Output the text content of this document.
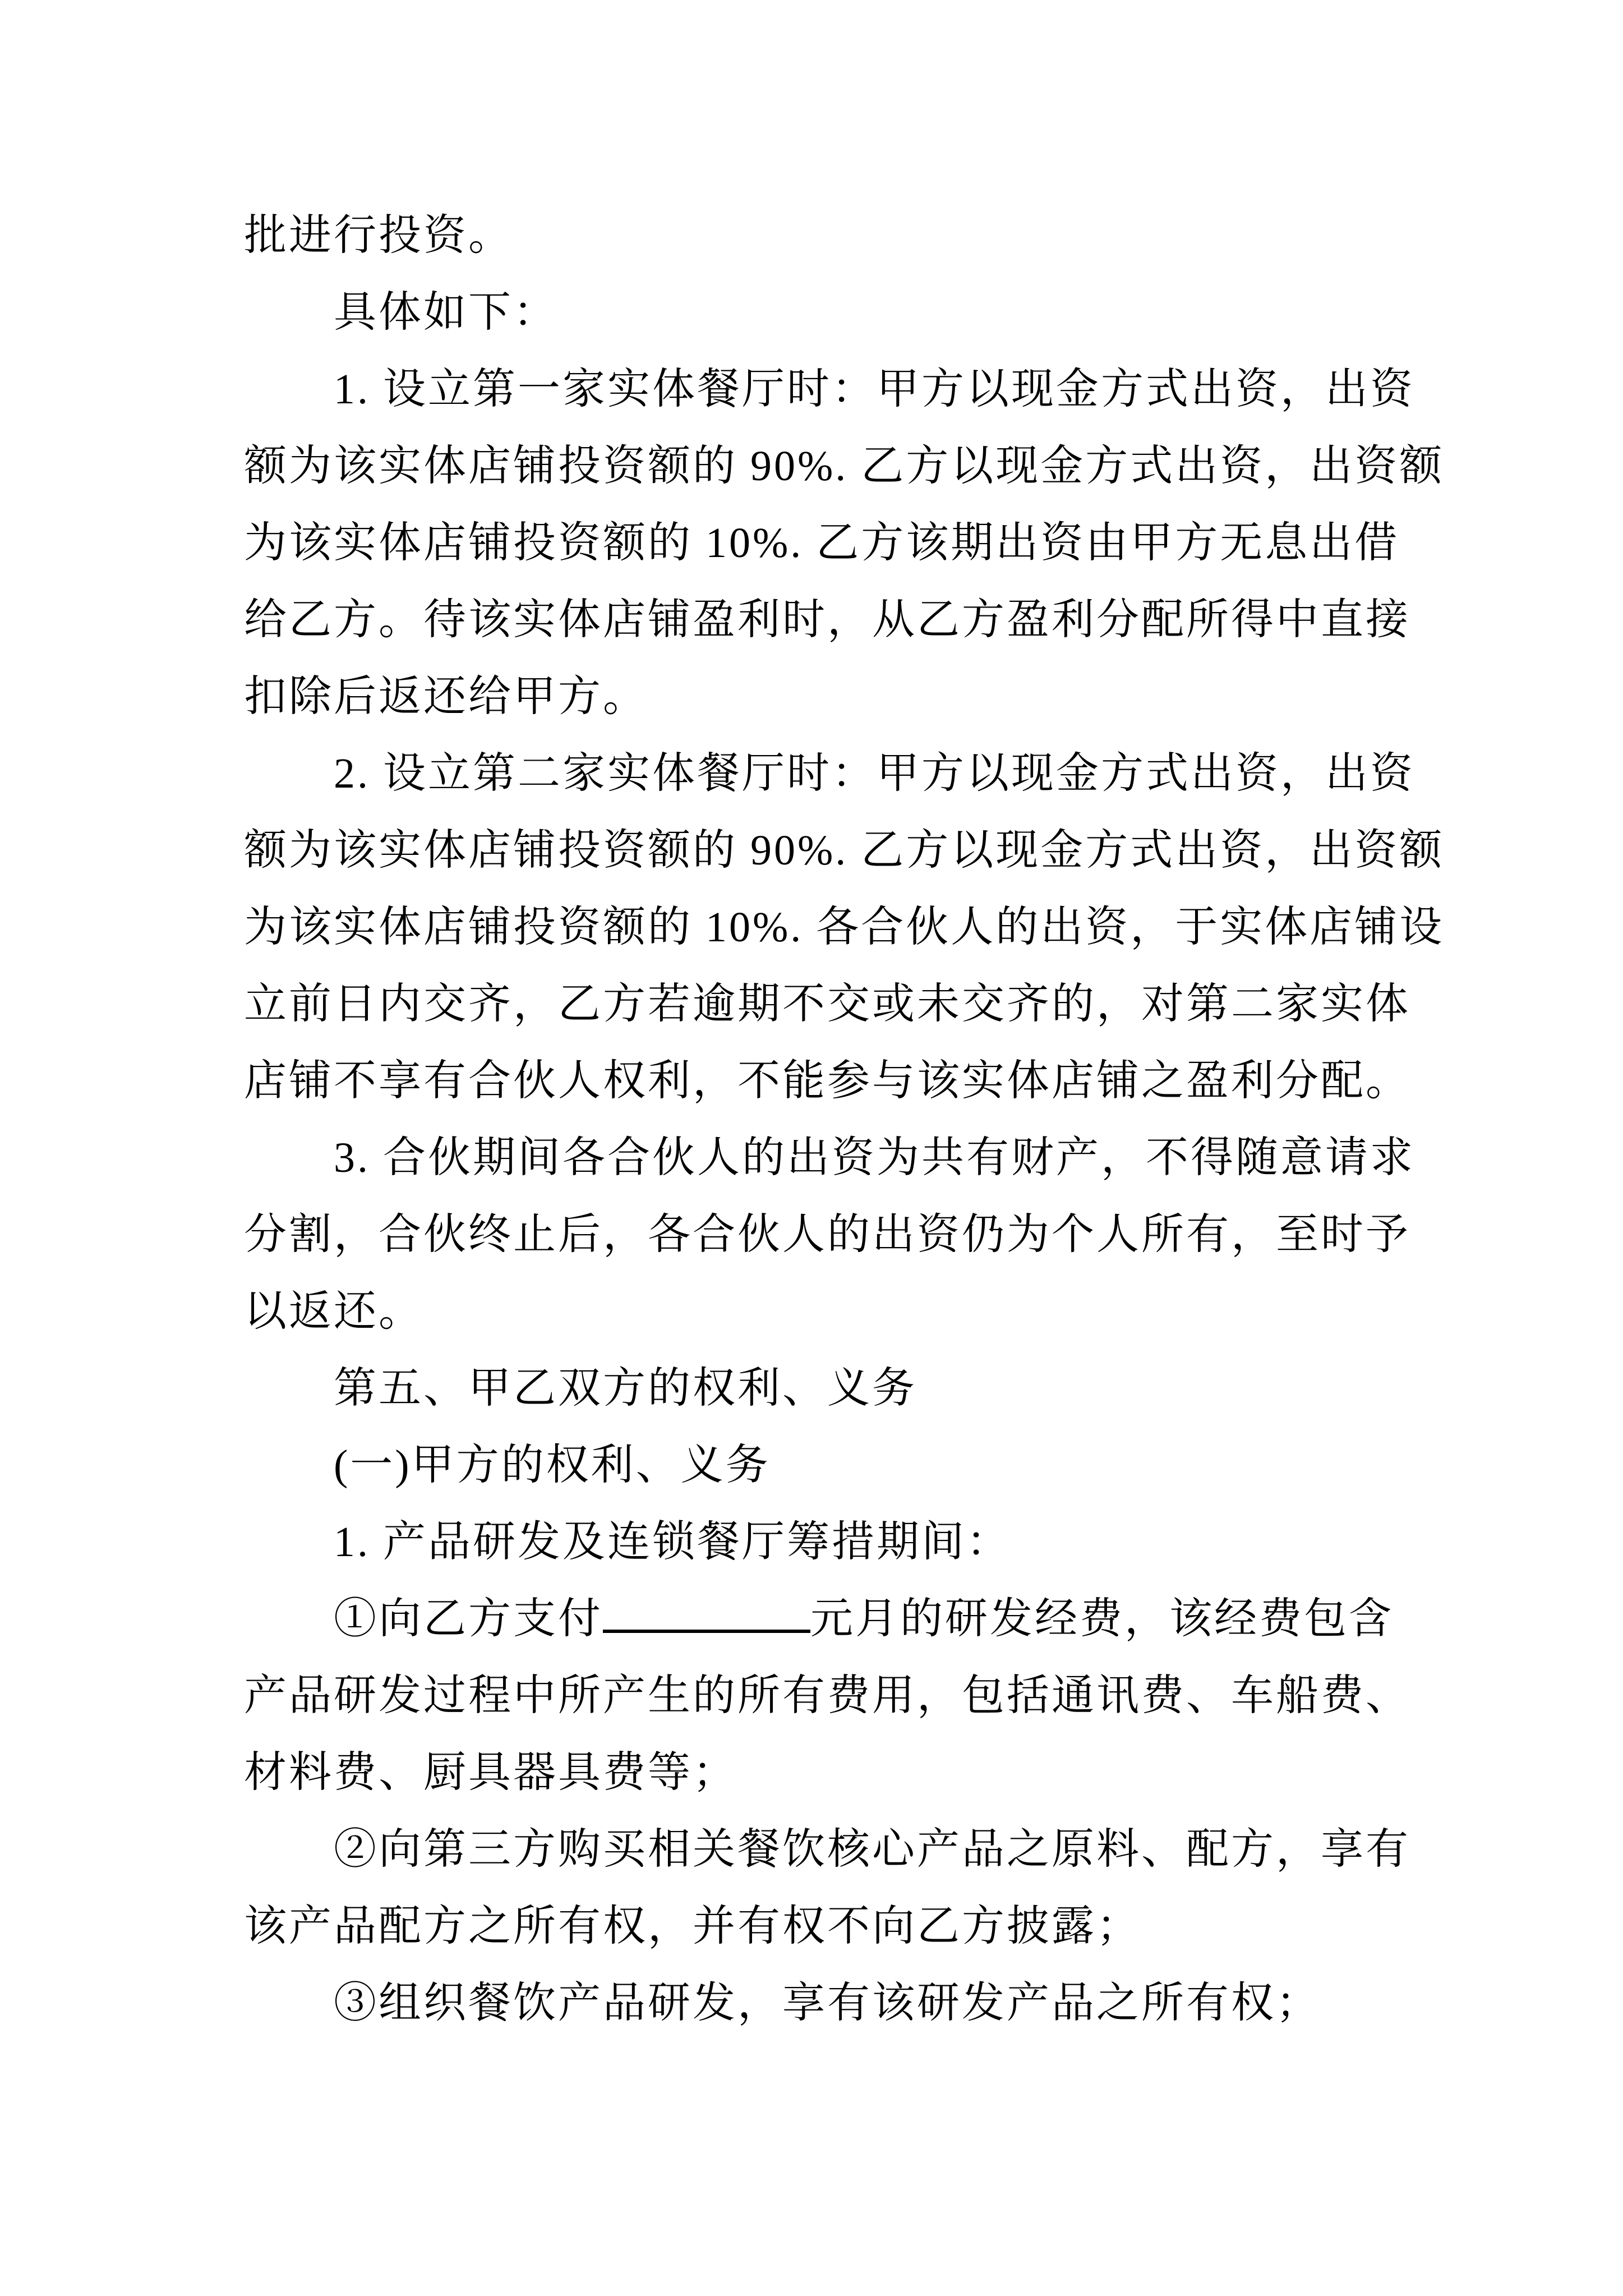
批进行投资。
具体如下：
1. 设立第一家实体餐厅时：甲方以现金方式出资，出资
额为该实体店铺投资额的 90%. 乙方以现金方式出资，出资额
为该实体店铺投资额的 10%. 乙方该期出资由甲方无息出借
给乙方。待该实体店铺盈利时，从乙方盈利分配所得中直接
扣除后返还给甲方。
2. 设立第二家实体餐厅时：甲方以现金方式出资，出资
额为该实体店铺投资额的 90%. 乙方以现金方式出资，出资额
为该实体店铺投资额的 10%. 各合伙人的出资，于实体店铺设
立前日内交齐，乙方若逾期不交或未交齐的，对第二家实体
店铺不享有合伙人权利，不能参与该实体店铺之盈利分配。
3. 合伙期间各合伙人的出资为共有财产，不得随意请求
分割，合伙终止后，各合伙人的出资仍为个人所有，至时予
以返还。
第五、甲乙双方的权利、义务
(一)甲方的权利、义务
1. 产品研发及连锁餐厅筹措期间：
①向乙方支付	元月的研发经费，该经费包含
产品研发过程中所产生的所有费用，包括通讯费、车船费、
材料费、厨具器具费等；
②向第三方购买相关餐饮核心产品之原料、配方，享有
该产品配方之所有权，并有权不向乙方披露；
③组织餐饮产品研发，享有该研发产品之所有权；
